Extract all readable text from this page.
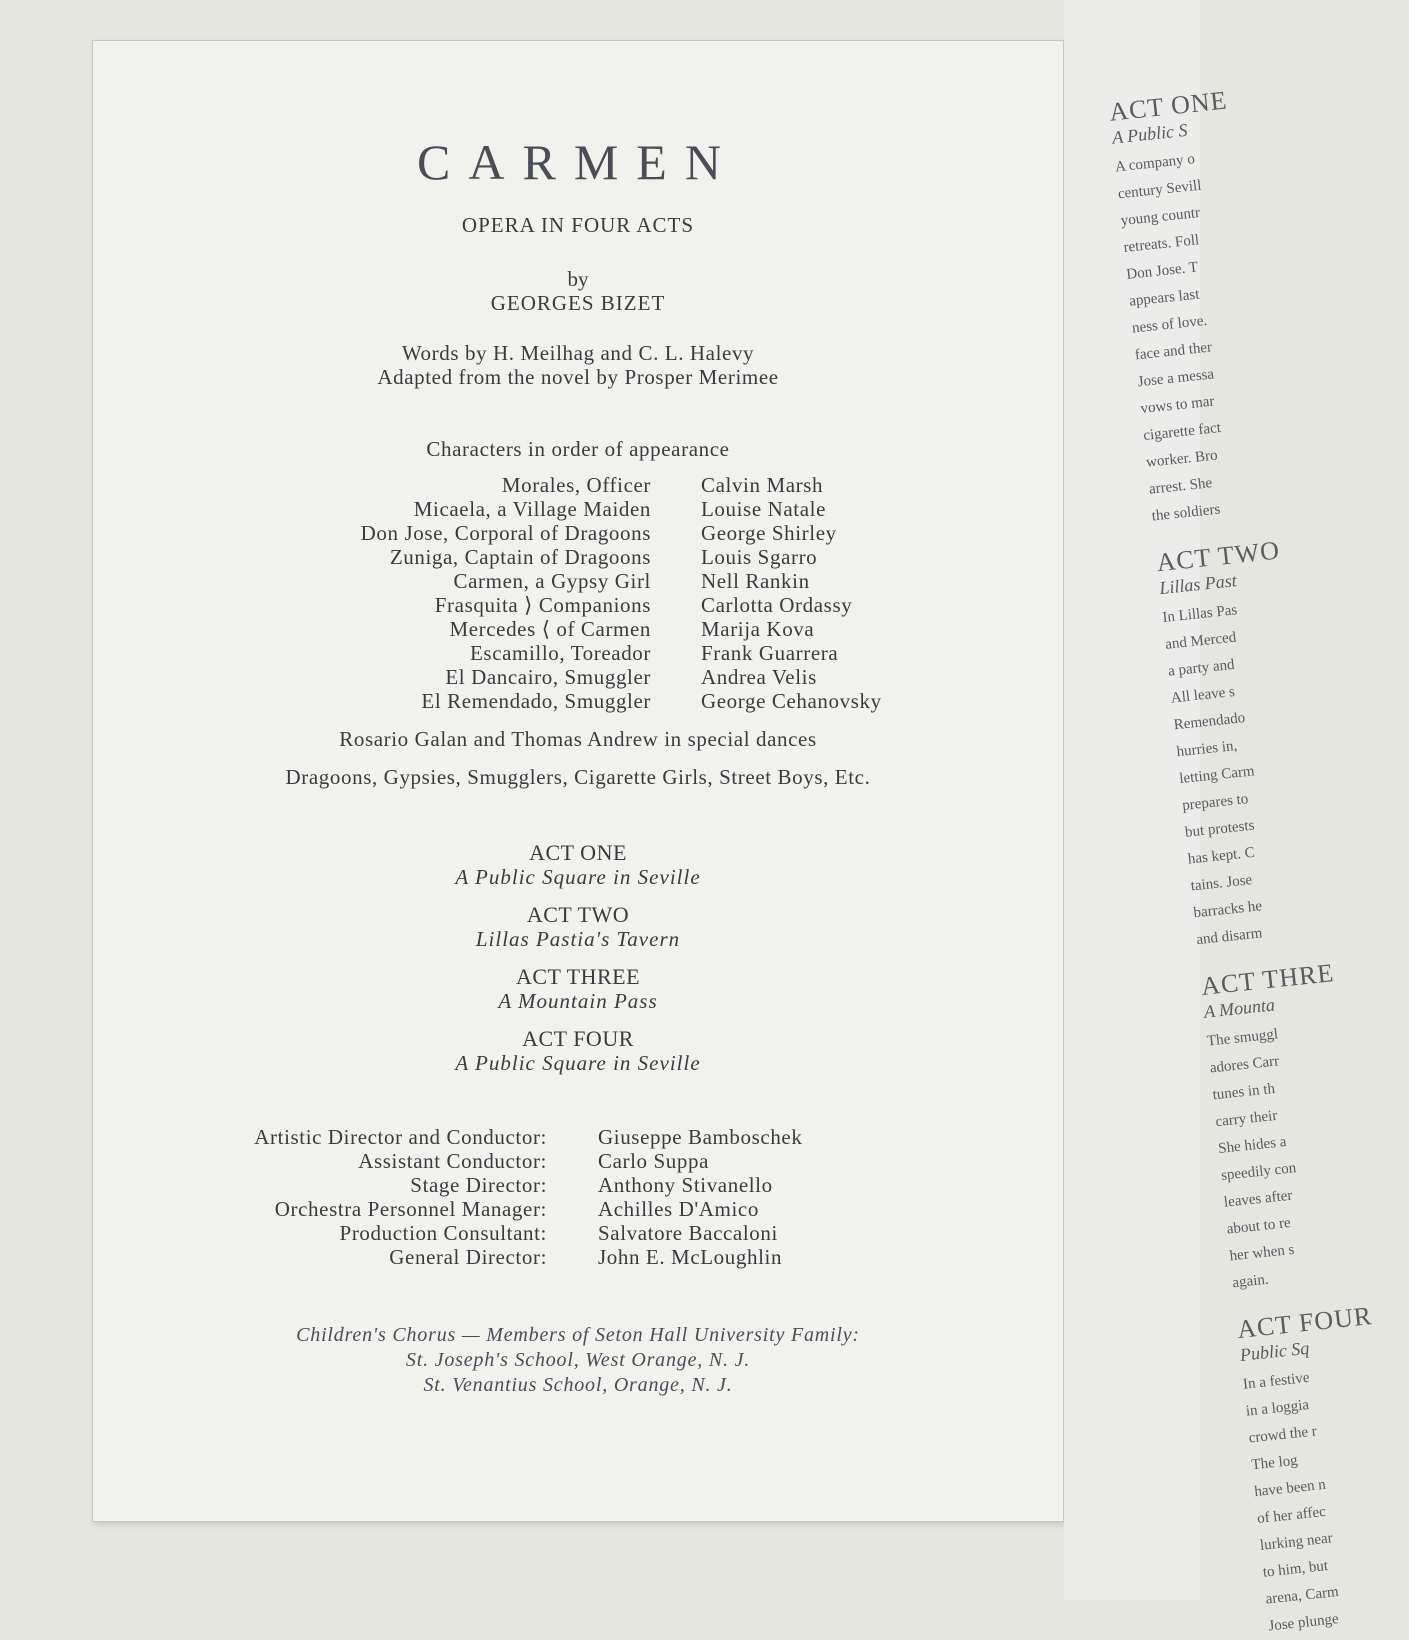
CARMEN
OPERA IN FOUR ACTS
by
GEORGES BIZET
Words by H. Meilhag and C. L. Halevy
Adapted from the novel by Prosper Merimee
Characters in order of appearance
Morales, Officer Calvin Marsh
Micaela, a Village Maiden Louise Natale
Don Jose, Corporal of Dragoons George Shirley
Zuniga, Captain of Dragoons Louis Sgarro
Carmen, a Gypsy Girl Nell Rankin
Frasquita ⟩ Companions Carlotta Ordassy
Mercedes ⟨ of Carmen Marija Kova
Escamillo, Toreador Frank Guarrera
El Dancairo, Smuggler Andrea Velis
El Remendado, Smuggler George Cehanovsky
Rosario Galan and Thomas Andrew in special dances
Dragoons, Gypsies, Smugglers, Cigarette Girls, Street Boys, Etc.
ACT ONE
A Public Square in Seville
ACT TWO
Lillas Pastia's Tavern
ACT THREE
A Mountain Pass
ACT FOUR
A Public Square in Seville
Artistic Director and Conductor: Giuseppe Bamboschek
Assistant Conductor: Carlo Suppa
Stage Director: Anthony Stivanello
Orchestra Personnel Manager: Achilles D'Amico
Production Consultant: Salvatore Baccaloni
General Director: John E. McLoughlin
Children's Chorus — Members of Seton Hall University Family:
St. Joseph's School, West Orange, N. J.
St. Venantius School, Orange, N. J.
ACT ONE
A Public S
A company o
century Sevill
young countr
retreats. Foll
Don Jose. T
appears last
ness of love.
face and ther
Jose a messa
vows to mar
cigarette fact
worker. Bro
arrest. She
the soldiers
ACT TWO
Lillas Past
In Lillas Pas
and Merced
a party and
All leave s
Remendado
hurries in,
letting Carm
prepares to
but protests
has kept. C
tains. Jose
barracks he
and disarm
ACT THRE
A Mounta
The smuggl
adores Carr
tunes in th
carry their
She hides a
speedily con
leaves after
about to re
her when s
again.
ACT FOUR
Public Sq
In a festive
in a loggia
crowd the r
The log
have been n
of her affec
lurking near
to him, but
arena, Carm
Jose plunge
